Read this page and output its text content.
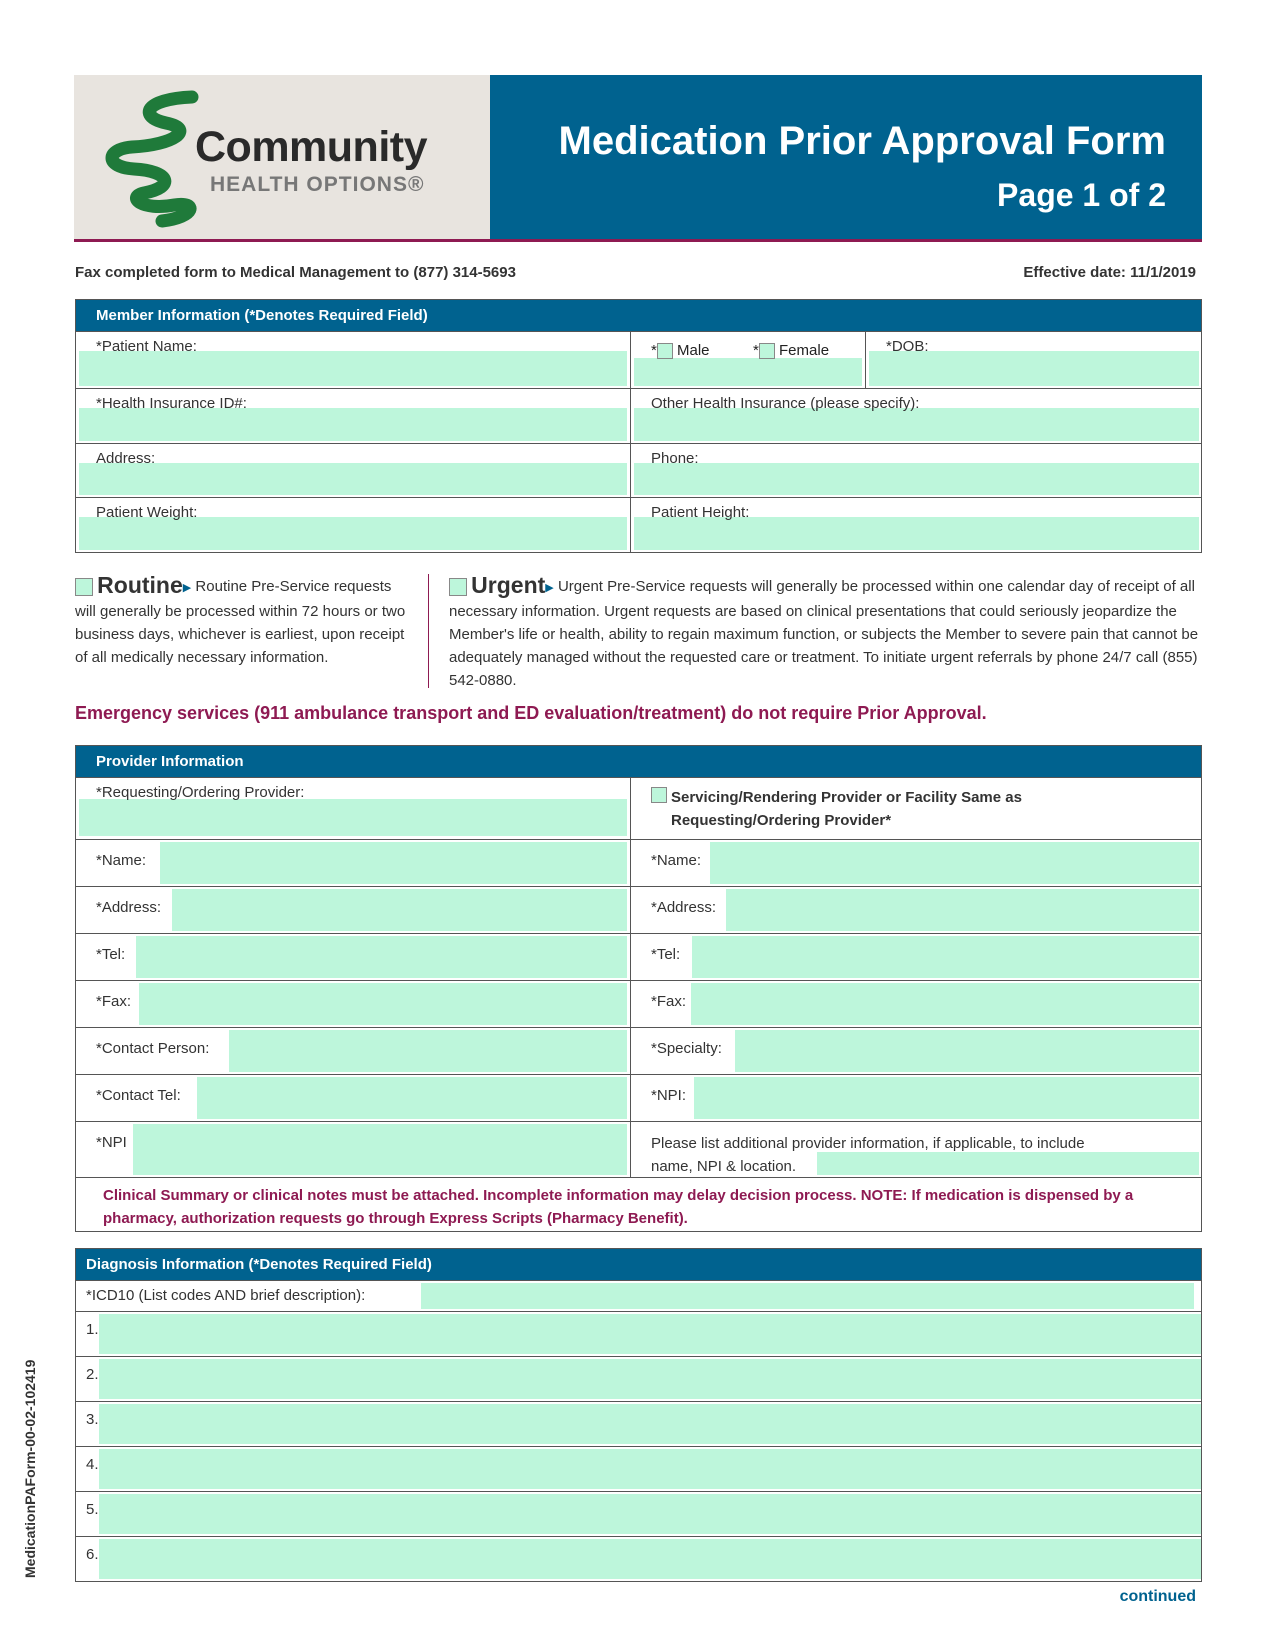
Community
HEALTH OPTIONS®
Medication Prior Approval Form
Page 1 of 2
Fax completed form to Medical Management to (877) 314-5693	Effective date: 11/1/2019
Member Information (*Denotes Required Field)
*Patient Name:	* Male	* Female	*DOB:
*Health Insurance ID#:	Other Health Insurance (please specify):
Address:	Phone:
Patient Weight:	Patient Height:
Routine▶ Routine Pre-Service requests will generally be processed within 72 hours or two business days, whichever is earliest, upon receipt of all medically necessary information.
Urgent▶ Urgent Pre-Service requests will generally be processed within one calendar day of receipt of all necessary information. Urgent requests are based on clinical presentations that could seriously jeopardize the Member's life or health, ability to regain maximum function, or subjects the Member to severe pain that cannot be adequately managed without the requested care or treatment. To initiate urgent referrals by phone 24/7 call (855) 542-0880.
Emergency services (911 ambulance transport and ED evaluation/treatment) do not require Prior Approval.
Provider Information
*Requesting/Ordering Provider:	Servicing/Rendering Provider or Facility Same as
Requesting/Ordering Provider*
*Name:	*Name:
*Address:	*Address:
*Tel:	*Tel:
*Fax:	*Fax:
*Contact Person:	*Specialty:
*Contact Tel:	*NPI:
*NPI	Please list additional provider information, if applicable, to include
name, NPI & location.
Clinical Summary or clinical notes must be attached. Incomplete information may delay decision process. NOTE: If medication is dispensed by a pharmacy, authorization requests go through Express Scripts (Pharmacy Benefit).
Diagnosis Information (*Denotes Required Field)
*ICD10 (List codes AND brief description):
1.
2.
3.
4.
5.
6.
MedicationPAForm-00-02-102419
continued
